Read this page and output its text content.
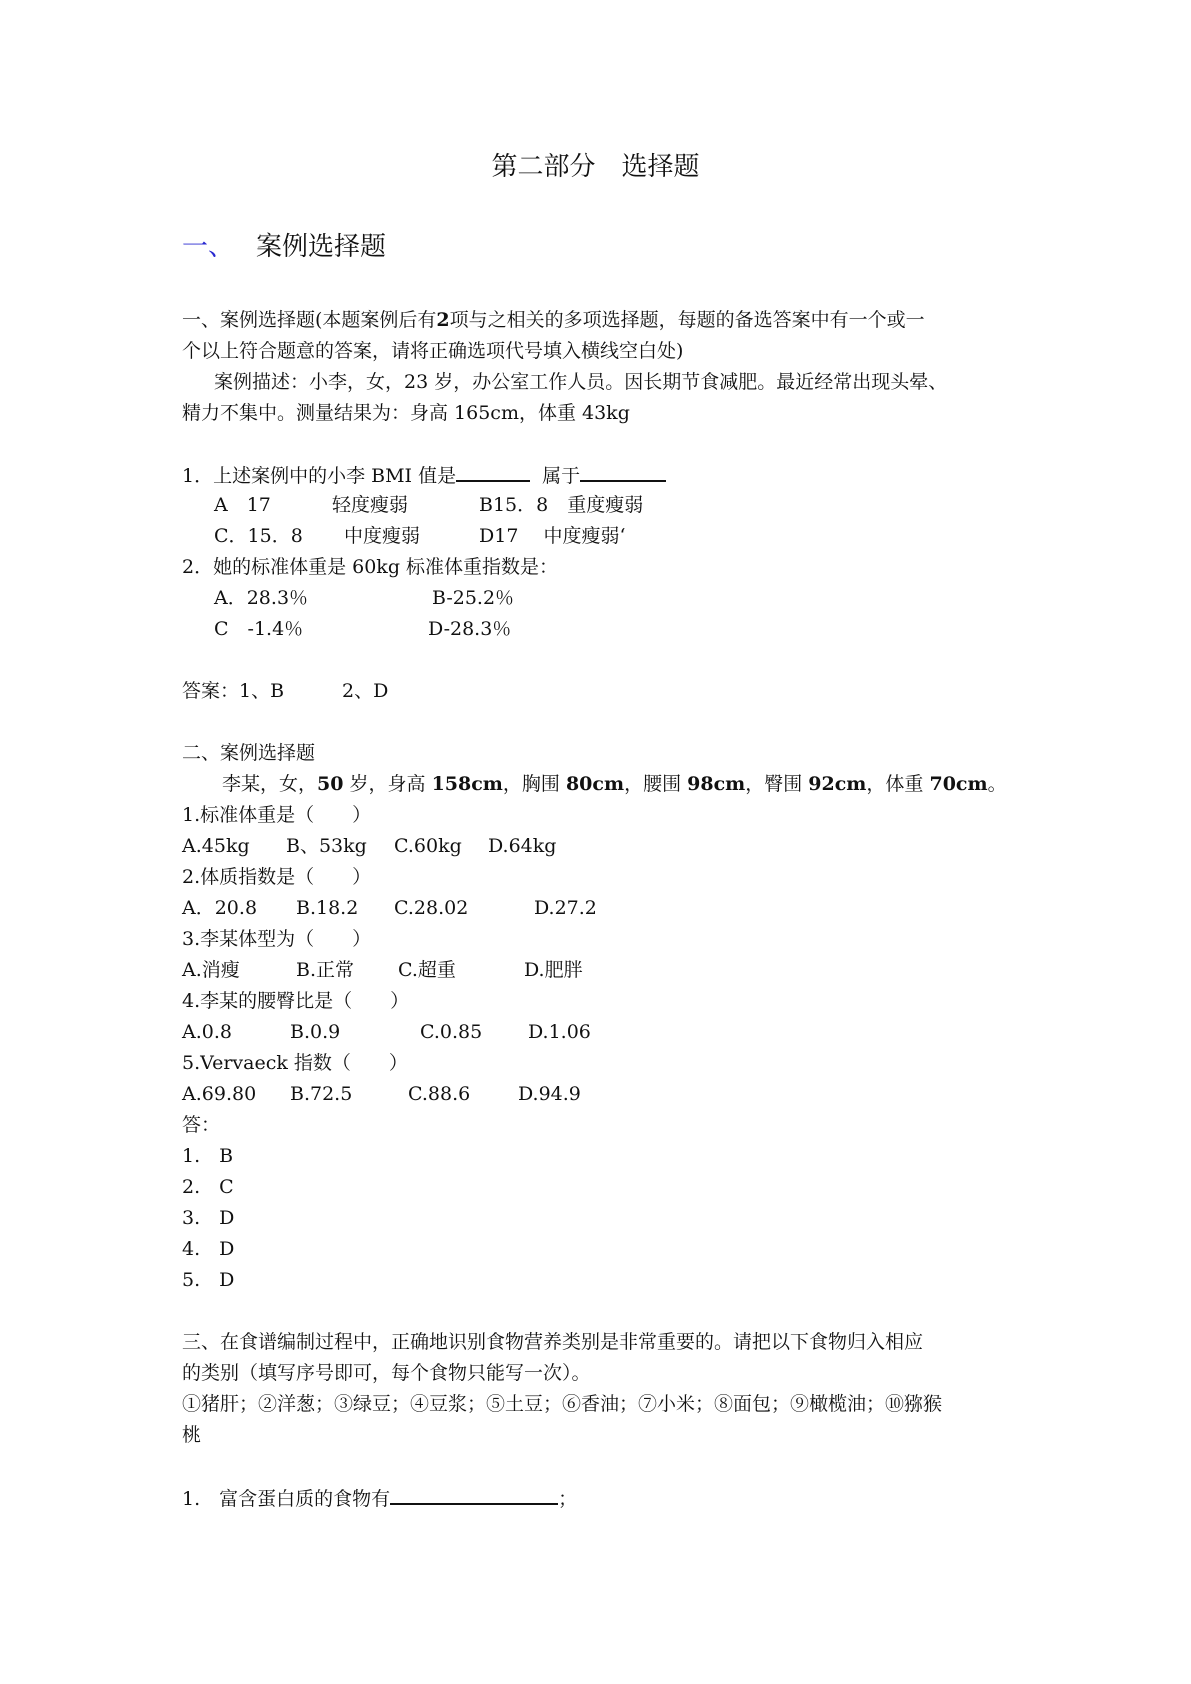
第二部分　选择题
一、 案例选择题
一、案例选择题(本题案例后有2项与之相关的多项选择题，每题的备选答案中有一个或一
个以上符合题意的答案，请将正确选项代号填入横线空白处)
案例描述：小李，女，23 岁，办公室工作人员。因长期节食减肥。最近经常出现头晕、
精力不集中。测量结果为：身高 165cm，体重 43kg
1．上述案例中的小李 BMI 值是	属于
A　17	轻度瘦弱	B15．8　重度瘦弱
C．15．8 中度瘦弱	D17　 中度瘦弱‘
2．她的标准体重是 60kg 标准体重指数是：
A．28.3％	B-25.2％
C　-1.4％	D-28.3％
答案：1、B	2、D
二、案例选择题
李某，女，50 岁，身高 158cm，胸围 80cm，腰围 98cm，臀围 92cm，体重 70cm。
1.标准体重是（　　）
A.45kg B、53kg C.60kg D.64kg
2.体质指数是（　　）
A．20.8 B.18.2 C.28.02	D.27.2
3.李某体型为（　　）
A.消瘦	B.正常 C.超重	D.肥胖
4.李某的腰臀比是（　　）
A.0.8	B.0.9	C.0.85 D.1.06
5.Vervaeck 指数（　　）
A.69.80 B.72.5	C.88.6	D.94.9
答：
1.　B
2.　C
3.　D
4.　D
5.　D
三、在食谱编制过程中，正确地识别食物营养类别是非常重要的。请把以下食物归入相应
的类别（填写序号即可，每个食物只能写一次）。
①猪肝；②洋葱；③绿豆；④豆浆；⑤土豆；⑥香油；⑦小米；⑧面包；⑨橄榄油；⑩猕猴
桃
1.　富含蛋白质的食物有	；
